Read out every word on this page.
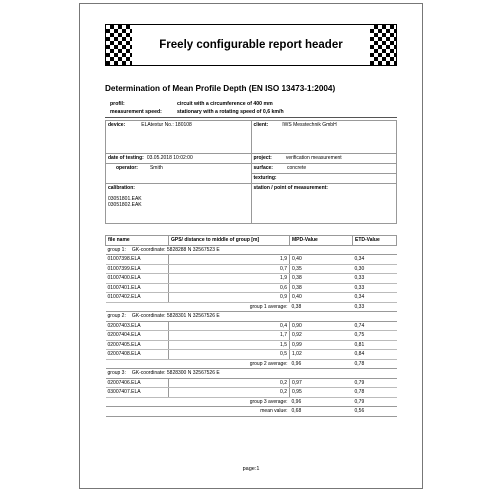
Freely configurable report header
Determination of Mean Profile Depth (EN ISO 13473-1:2004)
profil:	circuit with a circumference of 400 mm
measurement speed:	stationary with a rotating speed of 0,6 km/h
device: ELAtextur No.: 180108	client: IWS Messtechnik GmbH
date of testing: 03.05.2018 10:02:00	project: verification measurement
operator: Smith	surface: concrete
	texturing:

calibration:
03051801.EAK
03051802.EAK	station / point of measurement:
file name	GPS/ distance to middle of group [m]	MPD-Value	ETD-Value
group 1: GK-coordinate: 5828288 N 32567523 E			
01007398.ELA	1,9	0,40	0,34
01007399.ELA	0,7	0,35	0,30
01007400.ELA	1,9	0,38	0,33
01007401.ELA	0,6	0,38	0,33
01007402.ELA	0,9	0,40	0,34
group 1 average:		0,38	0,33
group 2: GK-coordinate: 5828301 N 32567526 E			
02007403.ELA	0,4	0,90	0,74
02007404.ELA	1,7	0,92	0,75
02007405.ELA	1,5	0,99	0,81
02007408.ELA	0,5	1,02	0,84
group 2 average:		0,96	0,78
group 3: GK-coordinate: 5828300 N 32567526 E			
02007406.ELA	0,2	0,97	0,79
03007407.ELA	0,2	0,95	0,78
group 3 average:		0,96	0,79
mean value:		0,68	0,56
page:1
